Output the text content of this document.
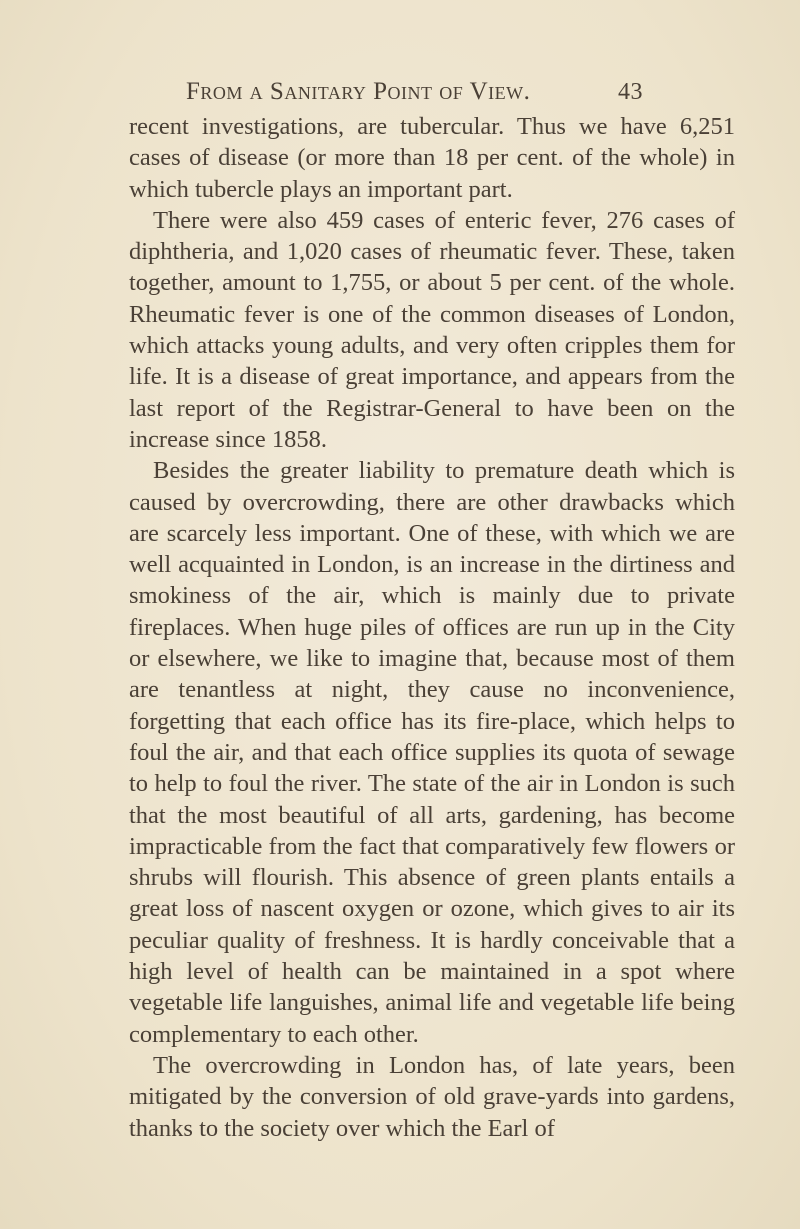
From a Sanitary Point of View.	43

recent investigations, are tubercular. Thus we have 6,251 cases of disease (or more than 18 per cent. of the whole) in which tubercle plays an important part.

There were also 459 cases of enteric fever, 276 cases of diphtheria, and 1,020 cases of rheumatic fever. These, taken together, amount to 1,755, or about 5 per cent. of the whole. Rheumatic fever is one of the common diseases of London, which attacks young adults, and very often cripples them for life. It is a disease of great importance, and appears from the last report of the Registrar-General to have been on the increase since 1858.

Besides the greater liability to premature death which is caused by overcrowding, there are other drawbacks which are scarcely less important. One of these, with which we are well acquainted in London, is an increase in the dirtiness and smokiness of the air, which is mainly due to private fireplaces. When huge piles of offices are run up in the City or elsewhere, we like to imagine that, because most of them are tenantless at night, they cause no inconvenience, forgetting that each office has its fire-place, which helps to foul the air, and that each office supplies its quota of sewage to help to foul the river. The state of the air in London is such that the most beautiful of all arts, gardening, has become impracticable from the fact that comparatively few flowers or shrubs will flourish. This absence of green plants entails a great loss of nascent oxygen or ozone, which gives to air its peculiar quality of freshness. It is hardly conceivable that a high level of health can be maintained in a spot where vegetable life languishes, animal life and vegetable life being complementary to each other.

The overcrowding in London has, of late years, been mitigated by the conversion of old grave-yards into gardens, thanks to the society over which the Earl of
